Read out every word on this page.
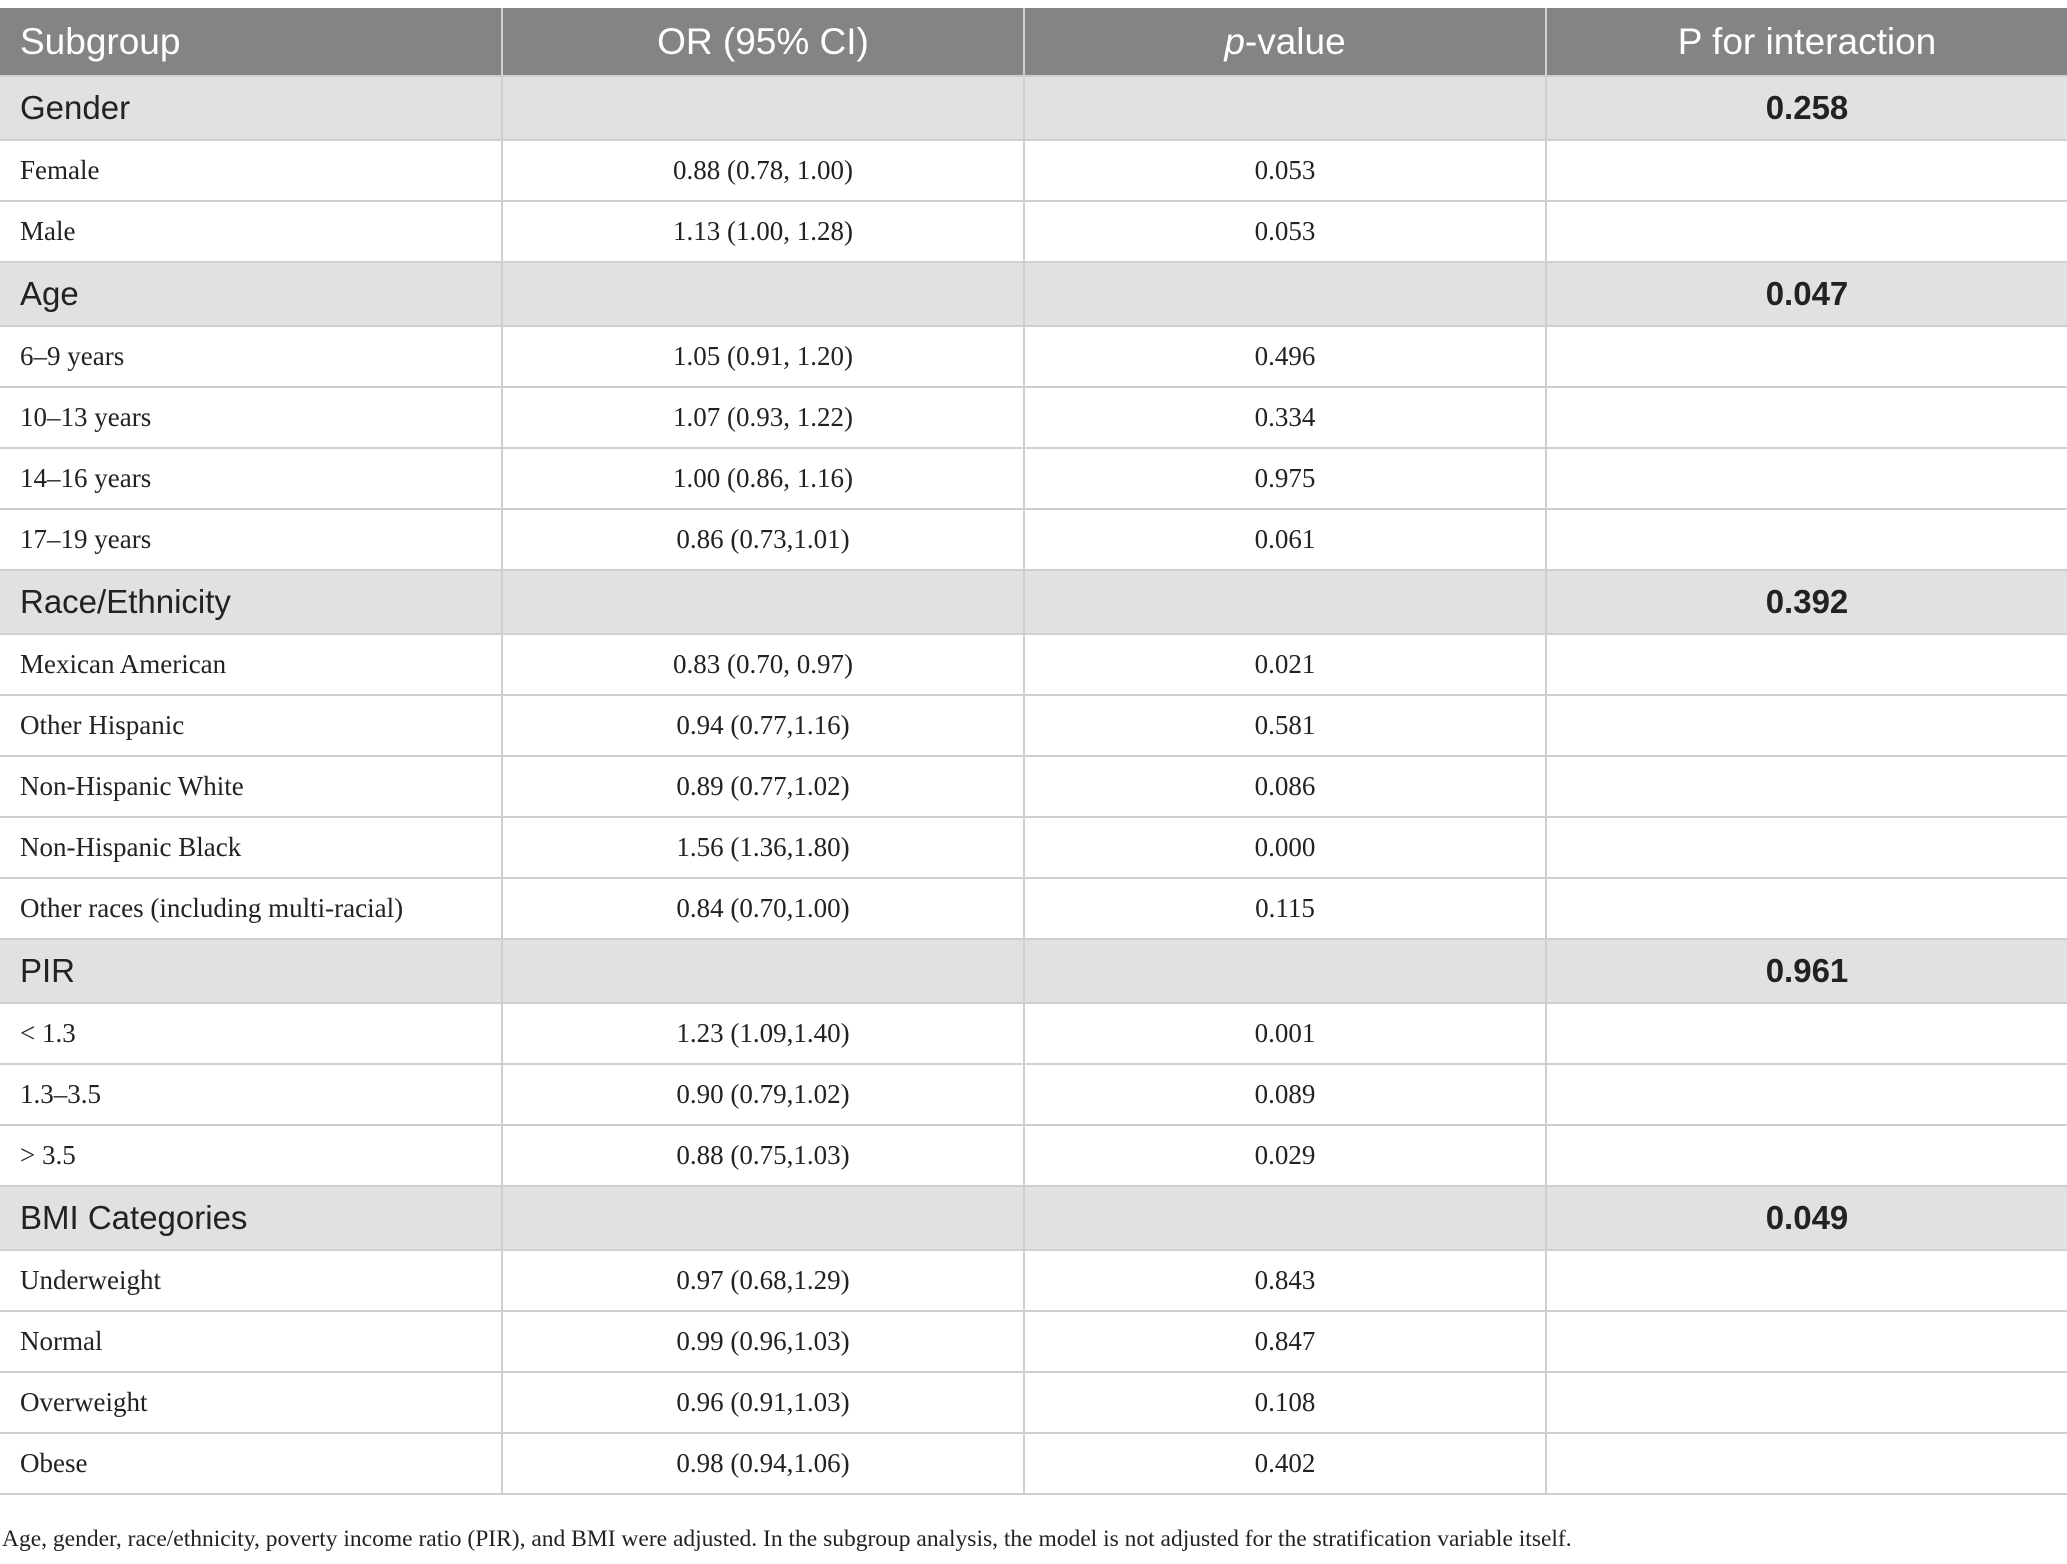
Subgroup	OR (95% CI)	p-value	P for interaction
Gender			0.258
Female	0.88 (0.78, 1.00)	0.053	
Male	1.13 (1.00, 1.28)	0.053	
Age			0.047
6–9 years	1.05 (0.91, 1.20)	0.496	
10–13 years	1.07 (0.93, 1.22)	0.334	
14–16 years	1.00 (0.86, 1.16)	0.975	
17–19 years	0.86 (0.73,1.01)	0.061	
Race/Ethnicity			0.392
Mexican American	0.83 (0.70, 0.97)	0.021	
Other Hispanic	0.94 (0.77,1.16)	0.581	
Non-Hispanic White	0.89 (0.77,1.02)	0.086	
Non-Hispanic Black	1.56 (1.36,1.80)	0.000	
Other races (including multi-racial)	0.84 (0.70,1.00)	0.115	
PIR			0.961
< 1.3	1.23 (1.09,1.40)	0.001	
1.3–3.5	0.90 (0.79,1.02)	0.089	
> 3.5	0.88 (0.75,1.03)	0.029	
BMI Categories			0.049
Underweight	0.97 (0.68,1.29)	0.843	
Normal	0.99 (0.96,1.03)	0.847	
Overweight	0.96 (0.91,1.03)	0.108	
Obese	0.98 (0.94,1.06)	0.402	
Age, gender, race/ethnicity, poverty income ratio (PIR), and BMI were adjusted. In the subgroup analysis, the model is not adjusted for the stratification variable itself.
